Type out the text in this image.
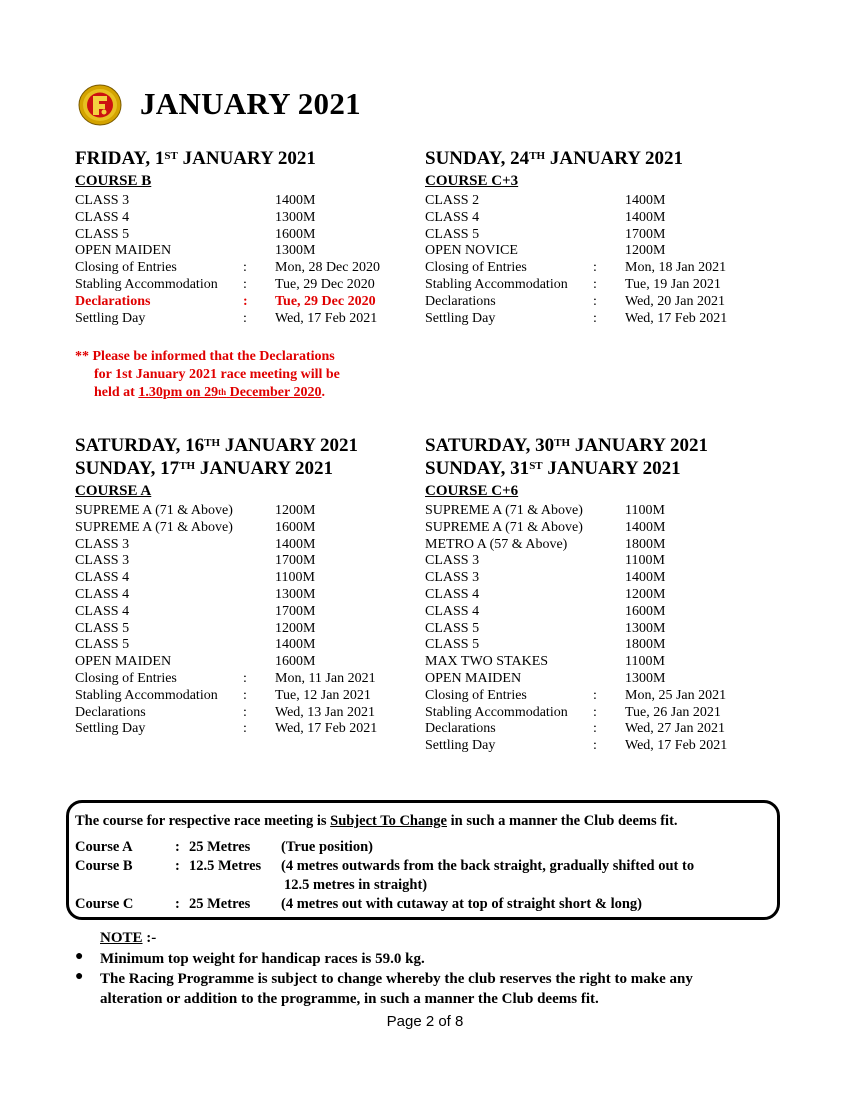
JANUARY 2021
FRIDAY, 1ST JANUARY 2021
COURSE B
CLASS 3	1400M
CLASS 4	1300M
CLASS 5	1600M
OPEN MAIDEN	1300M
Closing of Entries	: Mon, 28 Dec 2020
Stabling Accommodation : Tue, 29 Dec 2020
Declarations	: Tue, 29 Dec 2020
Settling Day	: Wed, 17 Feb 2021
SUNDAY, 24TH JANUARY 2021
COURSE C+3
CLASS 2	1400M
CLASS 4	1400M
CLASS 5	1700M
OPEN NOVICE	1200M
Closing of Entries	: Mon, 18 Jan 2021
Stabling Accommodation : Tue, 19 Jan 2021
Declarations	: Wed, 20 Jan 2021
Settling Day	: Wed, 17 Feb 2021
** Please be informed that the Declarations
for 1st January 2021 race meeting will be
held at 1.30pm on 29th December 2020.
SATURDAY, 16TH JANUARY 2021
SUNDAY, 17TH JANUARY 2021
COURSE A
SUPREME A (71 & Above)	1200M
SUPREME A (71 & Above)	1600M
CLASS 3	1400M
CLASS 3	1700M
CLASS 4	1100M
CLASS 4	1300M
CLASS 4	1700M
CLASS 5	1200M
CLASS 5	1400M
OPEN MAIDEN	1600M
Closing of Entries	: Mon, 11 Jan 2021
Stabling Accommodation : Tue, 12 Jan 2021
Declarations	: Wed, 13 Jan 2021
Settling Day	: Wed, 17 Feb 2021
SATURDAY, 30TH JANUARY 2021
SUNDAY, 31ST JANUARY 2021
COURSE C+6
SUPREME A (71 & Above)	1100M
SUPREME A (71 & Above)	1400M
METRO A (57 & Above)	1800M
CLASS 3	1100M
CLASS 3	1400M
CLASS 4	1200M
CLASS 4	1600M
CLASS 5	1300M
CLASS 5	1800M
MAX TWO STAKES	1100M
OPEN MAIDEN	1300M
Closing of Entries	: Mon, 25 Jan 2021
Stabling Accommodation : Tue, 26 Jan 2021
Declarations	: Wed, 27 Jan 2021
Settling Day	: Wed, 17 Feb 2021
The course for respective race meeting is Subject To Change in such a manner the Club deems fit.
Course A	: 25 Metres (True position)
Course B	: 12.5 Metres (4 metres outwards from the back straight, gradually shifted out to
12.5 metres in straight)
Course C	: 25 Metres (4 metres out with cutaway at top of straight short & long)
NOTE :-
● Minimum top weight for handicap races is 59.0 kg.
● The Racing Programme is subject to change whereby the club reserves the right to make any
alteration or addition to the programme, in such a manner the Club deems fit.
Page 2 of 8
